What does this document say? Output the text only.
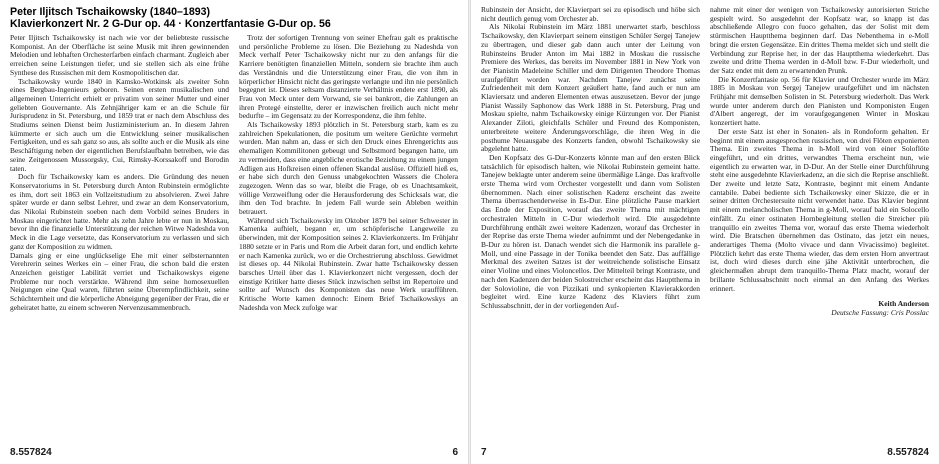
Peter Iljitsch Tschaikowsky (1840–1893)
Klavierkonzert Nr. 2 G-Dur op. 44 · Konzertfantasie G-Dur op. 56

Peter Iljitsch Tschaikowsky ist nach wie vor der beliebteste russische Komponist. An der Oberfläche ist seine Musik mit ihren gewinnenden Melodien und lebhaften Orchesterfarben einfach charmant. Zugleich aber erreichen seine Leistungen tiefer, und sie stellen sich als eine frühe Synthese des Russischen mit dem Kosmopolitischen dar.

Tschaikowsky wurde 1840 in Kamsko-Wotkinsk als zweiter Sohn eines Bergbau-Ingenieurs geboren. Seinen ersten musikalischen und allgemeinen Unterricht erhielt er privatim von seiner Mutter und einer geliebten Gouvernante. Als Zehnjähriger kam er an die Schule für Jurisprudenz in St. Petersburg, und 1859 trat er nach dem Abschluss des Studiums seinen Dienst beim Justizministerium an. In diesem Jahren kümmerte er sich auch um die Entwicklung seiner musikalischen Fertigkeiten, und es sah ganz so aus, als sollte auch er die Musik als eine Beschäftigung neben der eigentlichen Berufslaufbahn betreiben, wie das seine Zeitgenossen Mussorgsky, Cui, Rimsky-Korssakoff und Borodin taten.

Doch für Tschaikowsky kam es anders. Die Gründung des neuen Konservatoriums in St. Petersburg durch Anton Rubinstein ermöglichte es ihm, dort seit 1863 ein Vollzeitstudium zu absolvieren. Zwei Jahre später wurde er dann selbst Lehrer, und zwar an dem Konservatorium, das Nikolai Rubinstein soeben nach dem Vorbild seines Bruders in Moskau eingerichtet hatte. Mehr als zehn Jahre lebte er nun in Moskau, bevor ihn die finanzielle Unterstützung der reichen Witwe Nadeshda von Meck in die Lage versetzte, das Konservatorium zu verlassen und sich ganz der Komposition zu widmen.

Damals ging er eine unglückselige Ehe mit einer selbsternannten Verehrerin seines Werkes ein – einer Frau, die schon bald die ersten Anzeichen geistiger Labilität verriet und Tschaikowskys eigene Probleme nur noch verstärkte. Während ihm seine homosexuellen Neigungen eine Qual waren, führten seine Überempfindlichkeit, seine Schüchternheit und die körperliche Abneigung gegenüber der Frau, die er geheiratet hatte, zu einem schweren Nervenzusammenbruch.

Trotz der sofortigen Trennung von seiner Ehefrau galt es praktische und persönliche Probleme zu lösen. Die Beziehung zu Nadeshda von Meck verhalf Peter Tschaikowsky nicht nur zu den anfangs für die Karriere benötigten finanziellen Mitteln, sondern sie brachte ihm auch das Verständnis und die Unterstützung einer Frau, die von ihm in körperlicher Hinsicht nicht das geringste verlangte und ihn nie persönlich begegnet ist. Dieses seltsam distanzierte Verhältnis endete erst 1890, als Frau von Meck unter dem Vorwand, sie sei bankrott, die Zahlungen an ihren Protegé einstellte, derer er inzwischen freilich auch nicht mehr bedurfte – im Gegensatz zu der Korrespondenz, die ihm fehlte.

Als Tschaikowsky 1893 plötzlich in St. Petersburg starb, kam es zu zahlreichen Spekulationen, die positum um weitere Gerüchte vermehrt wurden. Man nahm an, dass er sich den Druck eines Ehrengerichts aus ehemaligen Kommilitonen gebeugt und Selbstmord begangen hatte, um zu vermeiden, dass eine angebliche erotische Beziehung zu einem jungen Adligen aus Hofkreisen einen offenen Skandal auslöse. Offiziell hieß es, er habe sich durch den Genuss unabgekochten Wassers die Cholera zugezogen. Wenn das so war, bleibt die Frage, ob es Unachtsamkeit, völlige Verzweiflung oder die Herausforderung des Schicksals war, die ihm den Tod brachte. In jedem Fall wurde sein Ableben weithin betrauert.

Während sich Tschaikowsky im Oktober 1879 bei seiner Schwester in Kamenka aufhielt, begann er, um schöpferische Langeweile zu überwinden, mit der Komposition seines 2. Klavierkonzerts. Im Frühjahr 1880 setzte er in Paris und Rom die Arbeit daran fort, und endlich kehrte er nach Kamenka zurück, wo er die Orchestrierung abschloss. Gewidmet ist dieses op. 44 Nikolai Rubinstein. Zwar hatte Tschaikowsky dessen barsches Urteil über das 1. Klavierkonzert nicht vergessen, doch der einstige Kritiker hatte dieses Stück inzwischen selbst im Repertoire und sollte auf Wunsch des Komponisten das neue Werk uraufführen. Kritische Worte kamen dennoch: Einem Brief Tschaikowskys an Nadeshda von Meck zufolge war

8.557824	6

Rubinstein der Ansicht, der Klavierpart sei zu episodisch und höbe sich nicht deutlich genug vom Orchester ab.

Als Nikolai Rubinstein im März 1881 unerwartet starb, beschloss Tschaikowsky, den Klavierpart seinem einstigen Schüler Sergej Tanejew zu übertragen, und dieser gab dann auch unter der Leitung von Rubinsteins Bruder Anton im Mai 1882 in Moskau die russische Premiere des Werkes, das bereits im November 1881 in New York von der Pianistin Madeleine Schiller und dem Dirigenten Theodore Thomas uraufgeführt worden war. Nachdem Tanejew zunächst seine Zufriedenheit mit dem Konzert geäußert hatte, fand auch er nun am Klaviersatz und anderen Elementen etwas auszusetzen. Bevor der junge Pianist Wassily Saphonow das Werk 1888 in St. Petersburg, Prag und Moskau spielte, nahm Tschaikowsky einige Kürzungen vor. Der Pianist Alexander Ziloti, gleichfalls Schüler und Freund des Komponisten, unterbreitete weitere Änderungsvorschläge, die ihren Weg in die posthume Neuausgabe des Konzerts fanden, obwohl Tschaikowsky sie abgelehnt hatte.

Den Kopfsatz des G-Dur-Konzerts könnte man auf den ersten Blick tatsächlich für episodisch halten, wie Nikolai Rubinstein gemeint hatte. Tanejew beklagte unter anderem seine übermäßige Länge. Das kraftvolle erste Thema wird vom Orchester vorgestellt und dann vom Solisten übernommen. Nach einer solistischen Kadenz erscheint das zweite Thema überraschenderweise in Es-Dur. Eine plötzliche Pause markiert das Ende der Exposition, worauf das zweite Thema mit mächtigen orchestralen Mitteln in C-Dur wiederholt wird. Die ausgedehnte Durchführung enthält zwei weitere Kadenzen, worauf das Orchester in der Reprise das erste Thema wieder aufnimmt und der Nebengedanke in B-Dur zu hören ist. Danach wendet sich die Harmonik ins parallele g-Moll, und eine Passage in der Tonika beendet den Satz. Das auffällige Merkmal des zweiten Satzes ist der weitreichende solistische Einsatz einer Violine und eines Violoncellos. Der Mittelteil bringt Kontraste, und nach den Kadenzen der beiden Solostreicher erscheint das Hauptthema in der Solovioline, die von Pizzikati und synkopierten Klavierakkorden begleitet wird. Eine kurze Kadenz des Klaviers führt zum Schlussabschnitt, der in der vorliegenden Auf-

nahme mit einer der wenigen von Tschaikowsky autorisierten Striche gespielt wird. So ausgedehnt der Kopfsatz war, so knapp ist das abschließende Allegro con fuoco gehalten, das der Solist mit dem stürmischen Hauptthema beginnen darf. Das Nebenthema in e-Moll bringt die ersten Gegensätze. Ein drittes Thema meldet sich und stellt die Verbindung zur Reprise her, in der das Hauptthema wiederkehrt. Das zweite und dritte Thema werden in d-Moll bzw. F-Dur wiederholt, und der Satz endet mit dem zu erwartenden Prunk.

Die Konzertfantasie op. 56 für Klavier und Orchester wurde im März 1885 in Moskau von Sergej Tanejew uraufgeführt und im nächsten Frühjahr mit demselben Solisten in St. Petersburg wiederholt. Das Werk wurde unter anderem durch den Pianisten und Komponisten Eugen d'Albert angeregt, der im voraufgegangenen Winter in Moskau konzertiert hatte.

Der erste Satz ist eher in Sonaten- als in Rondoform gehalten. Er beginnt mit einem ausgesprochen russischen, von drei Flöten exponierten Thema. Ein zweites Thema in h-Moll wird von einer Soloflöte eingeführt, und ein drittes, verwandtes Thema erscheint nun, wie eigentlich zu erwarten war, in D-Dur. An der Stelle einer Durchführung steht eine ausgedehnte Klavierkadenz, an die sich die Reprise anschließt. Der zweite und letzte Satz, Kontraste, beginnt mit einem Andante cantabile. Dabei bediente sich Tschaikowsky einer Skizze, die er in seiner dritten Orchestersuite nicht verwendet hatte. Das Klavier beginnt mit einem melancholischen Thema in g-Moll, worauf bald ein Solocello einfällt. Zu einer ostinaten Hornbegleitung stellen die Streicher più tranquillo ein zweites Thema vor, worauf das erste Thema wiederholt wird. Die Bratschen übernehmen das Ostinato, das jetzt ein neues, anderartiges Thema (Molto vivace und dann Vivacissimo) begleitet. Plötzlich kehrt das erste Thema wieder, das dem ersten Horn anvertraut ist, doch wird dieses durch eine jähe Aktivität unterbrochen, die gleichermaßen abrupt dem tranquillo-Thema Platz macht, worauf der brillante Schlussabschnitt noch einmal an den Anfang des Werkes erinnert.

Keith Anderson
Deutsche Fassung: Cris Posslac
7	8.557824
